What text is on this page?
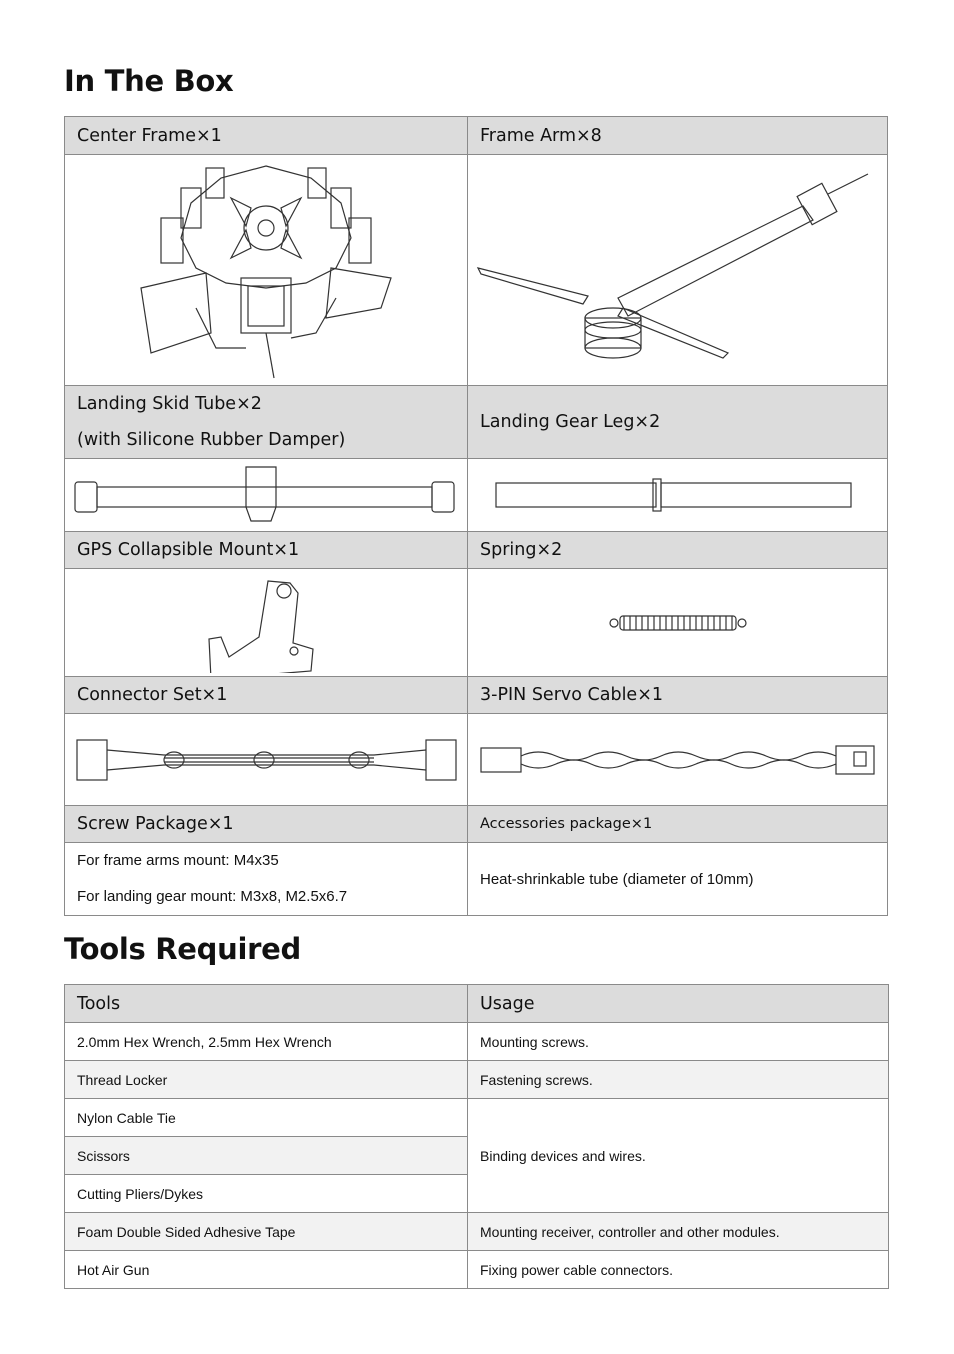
In The Box
Center Frame×1	Frame Arm×8

Landing Skid Tube×2
(with Silicone Rubber Damper)	Landing Gear Leg×2

GPS Collapsible Mount×1	Spring×2

Connector Set×1	3-PIN Servo Cable×1

Screw Package×1	Accessories package×1

For frame arms mount: M4x35
For landing gear mount: M3x8, M2.5x6.7	Heat-shrinkable tube (diameter of 10mm)
Tools Required
Tools	Usage
2.0mm Hex Wrench, 2.5mm Hex Wrench	Mounting screws.
Thread Locker	Fastening screws.
Nylon Cable Tie	Binding devices and wires.
Scissors	
Cutting Pliers/Dykes	
Foam Double Sided Adhesive Tape	Mounting receiver, controller and other modules.
Hot Air Gun	Fixing power cable connectors.
